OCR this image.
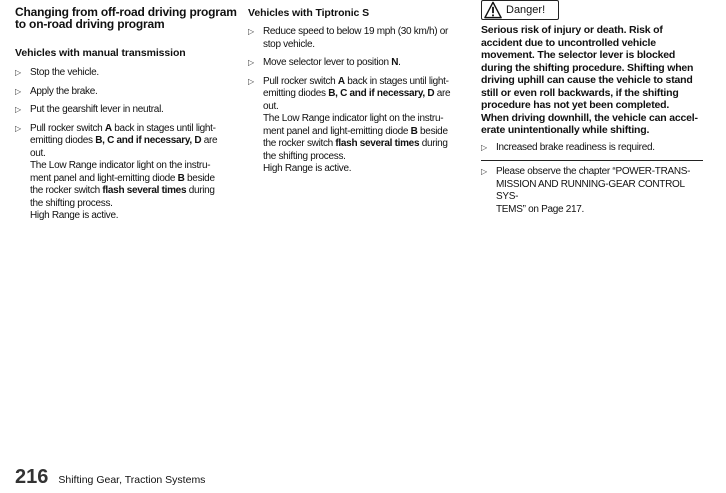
Changing from off-road driving program
to on-road driving program
Vehicles with manual transmission
▷ Stop the vehicle.
▷ Apply the brake.
▷ Put the gearshift lever in neutral.
▷ Pull rocker switch A back in stages until light-
emitting diodes B, C and if necessary, D are
out.
The Low Range indicator light on the instru-
ment panel and light-emitting diode B beside
the rocker switch flash several times during
the shifting process.
High Range is active.
Vehicles with Tiptronic S
▷ Reduce speed to below 19 mph (30 km/h) or
stop vehicle.
▷ Move selector lever to position N.
▷ Pull rocker switch A back in stages until light-
emitting diodes B, C and if necessary, D are
out.
The Low Range indicator light on the instru-
ment panel and light-emitting diode B beside
the rocker switch flash several times during
the shifting process.
High Range is active.
Danger!
Serious risk of injury or death. Risk of
accident due to uncontrolled vehicle
movement. The selector lever is blocked
during the shifting procedure. Shifting when
driving uphill can cause the vehicle to stand
still or even roll backwards, if the shifting
procedure has not yet been completed.
When driving downhill, the vehicle can accel-
erate unintentionally while shifting.
▷ Increased brake readiness is required.
▷ Please observe the chapter “POWER-TRANS-
MISSION AND RUNNING-GEAR CONTROL SYS-
TEMS” on Page 217.
216 Shifting Gear, Traction Systems
